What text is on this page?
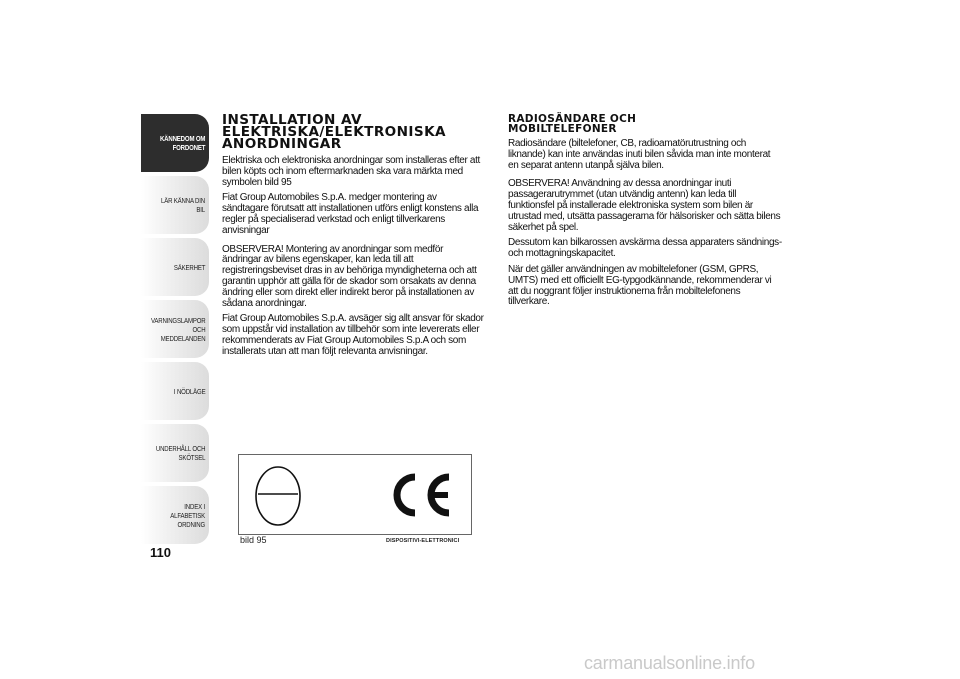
KÄNNEDOM OM
FORDONET
LÄR KÄNNA DIN BIL
SÄKERHET
VARNINGSLAMPOR
OCH MEDDELANDEN
I NÖDLÄGE
UNDERHÅLL OCH
SKÖTSEL
INDEX I ALFABETISK
ORDNING
110
INSTALLATION AV ELEKTRISKA/ELEKTRONISKA ANORDNINGAR

Elektriska och elektroniska anordningar som installeras efter att bilen köpts och inom eftermarknaden ska vara märkta med symbolen bild 95

Fiat Group Automobiles S.p.A. medger montering av sändtagare förutsatt att installationen utförs enligt konstens alla regler på specialiserad verkstad och enligt tillverkarens anvisningar

OBSERVERA! Montering av anordningar som medför ändringar av bilens egenskaper, kan leda till att registreringsbeviset dras in av behöriga myndigheterna och att garantin upphör att gälla för de skador som orsakats av denna ändring eller som direkt eller indirekt beror på installationen av sådana anordningar.

Fiat Group Automobiles S.p.A. avsäger sig allt ansvar för skador som uppstår vid installation av tillbehör som inte levererats eller rekommenderats av Fiat Group Automobiles S.p.A och som installerats utan att man följt relevanta anvisningar.

RADIOSÄNDARE OCH
MOBILTELEFONER

Radiosändare (biltelefoner, CB, radioamatörutrustning och liknande) kan inte användas inuti bilen såvida man inte monterat en separat antenn utanpå själva bilen.

OBSERVERA! Användning av dessa anordningar inuti passagerarutrymmet (utan utvändig antenn) kan leda till funktionsfel på installerade elektroniska system som bilen är utrustad med, utsätta passagerarna för hälsorisker och sätta bilens säkerhet på spel.

Dessutom kan bilkarossen avskärma dessa apparaters sändnings- och mottagningskapacitet.

När det gäller användningen av mobiltelefoner (GSM, GPRS, UMTS) med ett officiellt EG-typgodkännande, rekommenderar vi att du noggrant följer instruktionerna från mobiltelefonens tillverkare.

bild 95	DISPOSITIVI-ELETTRONICI
carmanualsonline.info
